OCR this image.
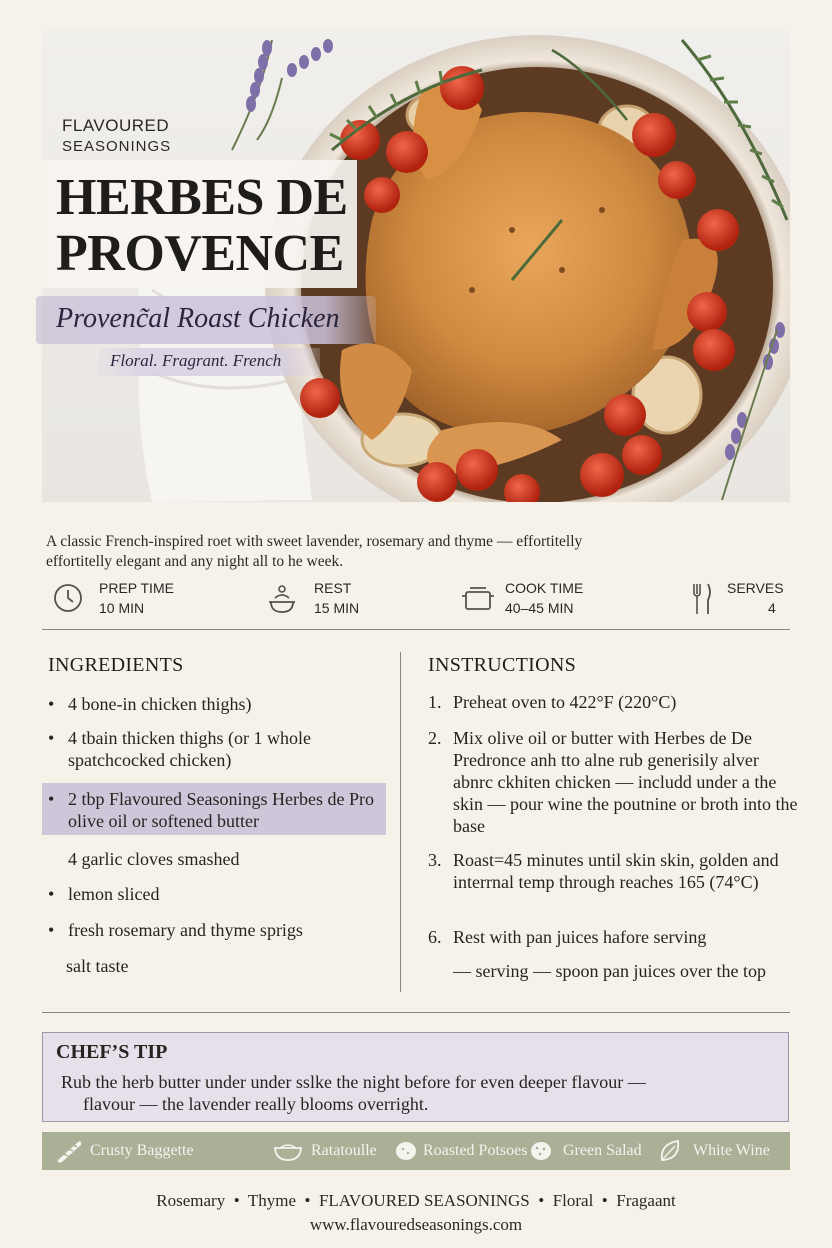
FLAVOURED
SEASONINGS
HERBES DE
PROVENCE
Provenc̃al Roast Chicken
Floral. Fragrant. French
A classic French-inspired roet with sweet lavender, rosemary and thyme — effortitelly
effortitelly elegant and any night all to he week.
PREP TIME
10 MIN
REST
15 MIN
COOK TIME
40–45 MIN
SERVES
4
INGREDIENTS
• 4 bone-in chicken thighs)
• 4 tbain thicken thighs (or 1 whole spatchcocked chicken)
• 2 tbp Flavoured Seasonings Herbes de Pro olive oil or softened butter
4 garlic cloves smashed
• lemon sliced
• fresh rosemary and thyme sprigs
salt taste
INSTRUCTIONS
1. Preheat oven to 422°F (220°C)
2. Mix olive oil or butter with Herbes de De Predronce anh tto alne rub generisily alver abnrc ckhiten chicken — includd under a the skin — pour wine the poutnine or broth into the base
3. Roast=45 minutes until skin skin, golden and interrnal temp through reaches 165 (74°C)
6. Rest with pan juices hafore serving
— serving — spoon pan juices over the top
CHEF’S TIP
Rub the herb butter under under sslke the night before for even deeper flavour —
flavour — the lavender really blooms overright.
Crusty Baggette	Ratatoulle	Roasted Potsoes Green Salad	White Wine
Rosemary  •  Thyme  •  FLAVOURED SEASONINGS  •  Floral  •  Fragaant
www.flavouredseasonings.com
